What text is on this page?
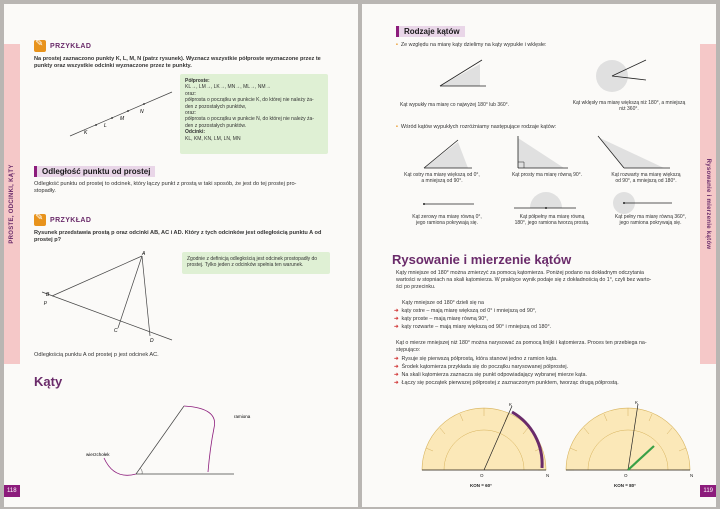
PROSTE, ODCINKI, KĄTY
118
✎
PRZYKŁAD
Na prostej zaznaczono punkty K, L, M, N (patrz rysunek). Wyznacz wszystkie półproste wyznaczone przez te
punkty oraz wszystkie odcinki wyznaczone przez te punkty.
K
L
M
N
Półproste:
KL→, LM→, LK→, MN→, ML→, NM→
oraz:
półprosta o początku w punkcie K, do której nie należy ża-
den z pozostałych punktów,
oraz:
półprosta o początku w punkcie N, do której nie należy ża-
den z pozostałych punktów.
Odcinki:
KL, KM, KN, LM, LN, MN
Odległość punktu od prostej
Odległość punktu od prostej to odcinek, który łączy punkt z prostą w taki sposób, że jest do tej prostej pro-
stopadły.
✎
PRZYKŁAD
Rysunek przedstawia prostą p oraz odcinki AB, AC i AD. Który z tych odcinków jest odległością punktu A od
prostej p?
A
B
C
D
p
Zgodnie z definicją odległością jest odcinek prostopadły do
prostej. Tylko jeden z odcinków spełnia ten warunek.
Odległością punktu A od prostej p jest odcinek AC.
Kąty
ramiona
wierzchołek
Rysowanie i mierzenie kątów
119
Rodzaje kątów
• Ze względu na miarę kąty dzielimy na kąty wypukłe i wklęsłe:
Kąt wypukły ma miarę co najwyżej 180° lub 360°.	Kąt wklęsły ma miarę większą niż 180°, a mniejszą
niż 360°.
• Wśród kątów wypukłych rozróżniamy następujące rodzaje kątów:
Kąt ostry ma miarę większą od 0°,
a mniejszą od 90°.
Kąt prosty ma miarę równą 90°.	Kąt rozwarty ma miarę większą
od 90°, a mniejszą od 180°.
Kąt zerowy ma miarę równą 0°,
jego ramiona pokrywają się.
Kąt półpełny ma miarę równą
180°, jego ramiona tworzą prostą.
Kąt pełny ma miarę równą 360°,
jego ramiona pokrywają się.
Rysowanie i mierzenie kątów
Kąty mniejsze od 180° można zmierzyć za pomocą kątomierza. Poniżej podano na dokładnym odczytania
wartości w stopniach na skali kątomierza. W praktyce wynik podaje się z dokładnością do 1°, czyli bez warto-
ści po przecinku.
Kąty mniejsze od 180° dzieli się na
➜ kąty ostre – mają miarę większą od 0° i mniejszą od 90°,
➜ kąty proste – mają miarę równą 90°,
➜ kąty rozwarte – mają miarę większą od 90° i mniejszą od 180°.
Kąt o mierze mniejszej niż 180° można narysować za pomocą linijki i kątomierza. Proces ten przebiega na-
stępująco:
➜ Rysuje się pierwszą półprostą, która stanowi jedno z ramion kąta.
➜ Środek kątomierza przykłada się do początku narysowanej półprostej.
➜ Na skali kątomierza zaznacza się punkt odpowiadający wybranej mierze kąta.
➜ Łączy się początek pierwszej półprostej z zaznaczonym punktem, tworząc drugą półprostą.
K
O	N
KON = 60°
K
O	N
KON = 80°
